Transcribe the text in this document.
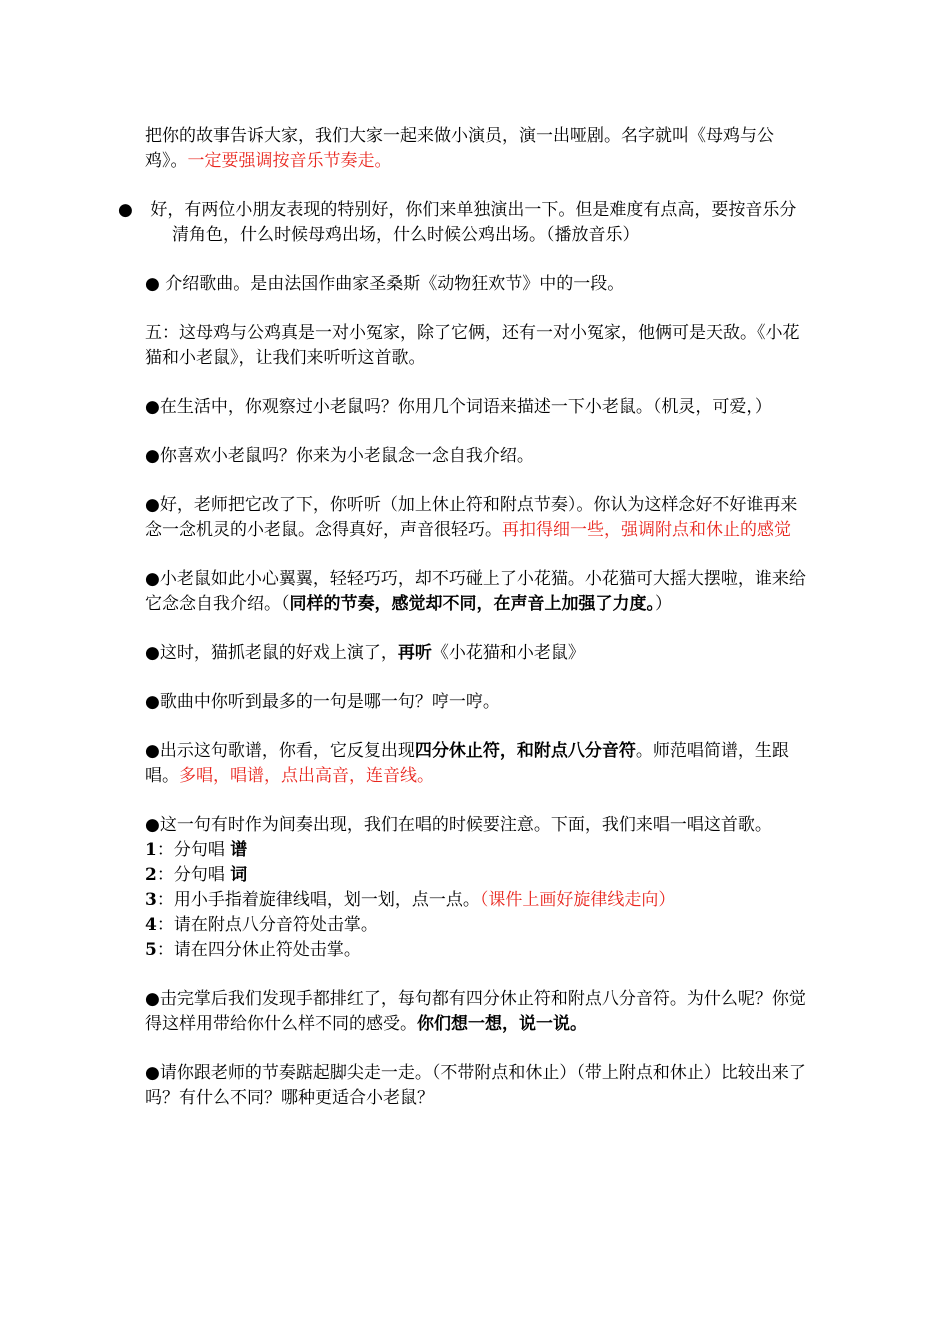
把你的故事告诉大家，我们大家一起来做小演员，演一出哑剧。名字就叫《母鸡与公鸡》。一定要强调按音乐节奏走。

● 好，有两位小朋友表现的特别好，你们来单独演出一下。但是难度有点高，要按音乐分清角色，什么时候母鸡出场，什么时候公鸡出场。（播放音乐）

● 介绍歌曲。是由法国作曲家圣桑斯《动物狂欢节》中的一段。

五：这母鸡与公鸡真是一对小冤家，除了它俩，还有一对小冤家，他俩可是天敌。《小花猫和小老鼠》，让我们来听听这首歌。

●在生活中，你观察过小老鼠吗？你用几个词语来描述一下小老鼠。（机灵，可爱，）

●你喜欢小老鼠吗？你来为小老鼠念一念自我介绍。

●好，老师把它改了下，你听听（加上休止符和附点节奏）。你认为这样念好不好谁再来念一念机灵的小老鼠。念得真好，声音很轻巧。再扣得细一些，强调附点和休止的感觉

●小老鼠如此小心翼翼，轻轻巧巧，却不巧碰上了小花猫。小花猫可大摇大摆啦，谁来给它念念自我介绍。（同样的节奏，感觉却不同，在声音上加强了力度。）

●这时，猫抓老鼠的好戏上演了，再听《小花猫和小老鼠》

●歌曲中你听到最多的一句是哪一句？哼一哼。

●出示这句歌谱，你看，它反复出现四分休止符，和附点八分音符。师范唱简谱，生跟唱。多唱，唱谱，点出高音，连音线。

●这一句有时作为间奏出现，我们在唱的时候要注意。下面，我们来唱一唱这首歌。

1：分句唱 谱
2：分句唱 词
3：用小手指着旋律线唱，划一划，点一点。（课件上画好旋律线走向）
4：请在附点八分音符处击掌。
5：请在四分休止符处击掌。

●击完掌后我们发现手都排红了，每句都有四分休止符和附点八分音符。为什么呢？你觉得这样用带给你什么样不同的感受。你们想一想，说一说。

●请你跟老师的节奏踮起脚尖走一走。（不带附点和休止）（带上附点和休止）比较出来了吗？有什么不同？哪种更适合小老鼠？
